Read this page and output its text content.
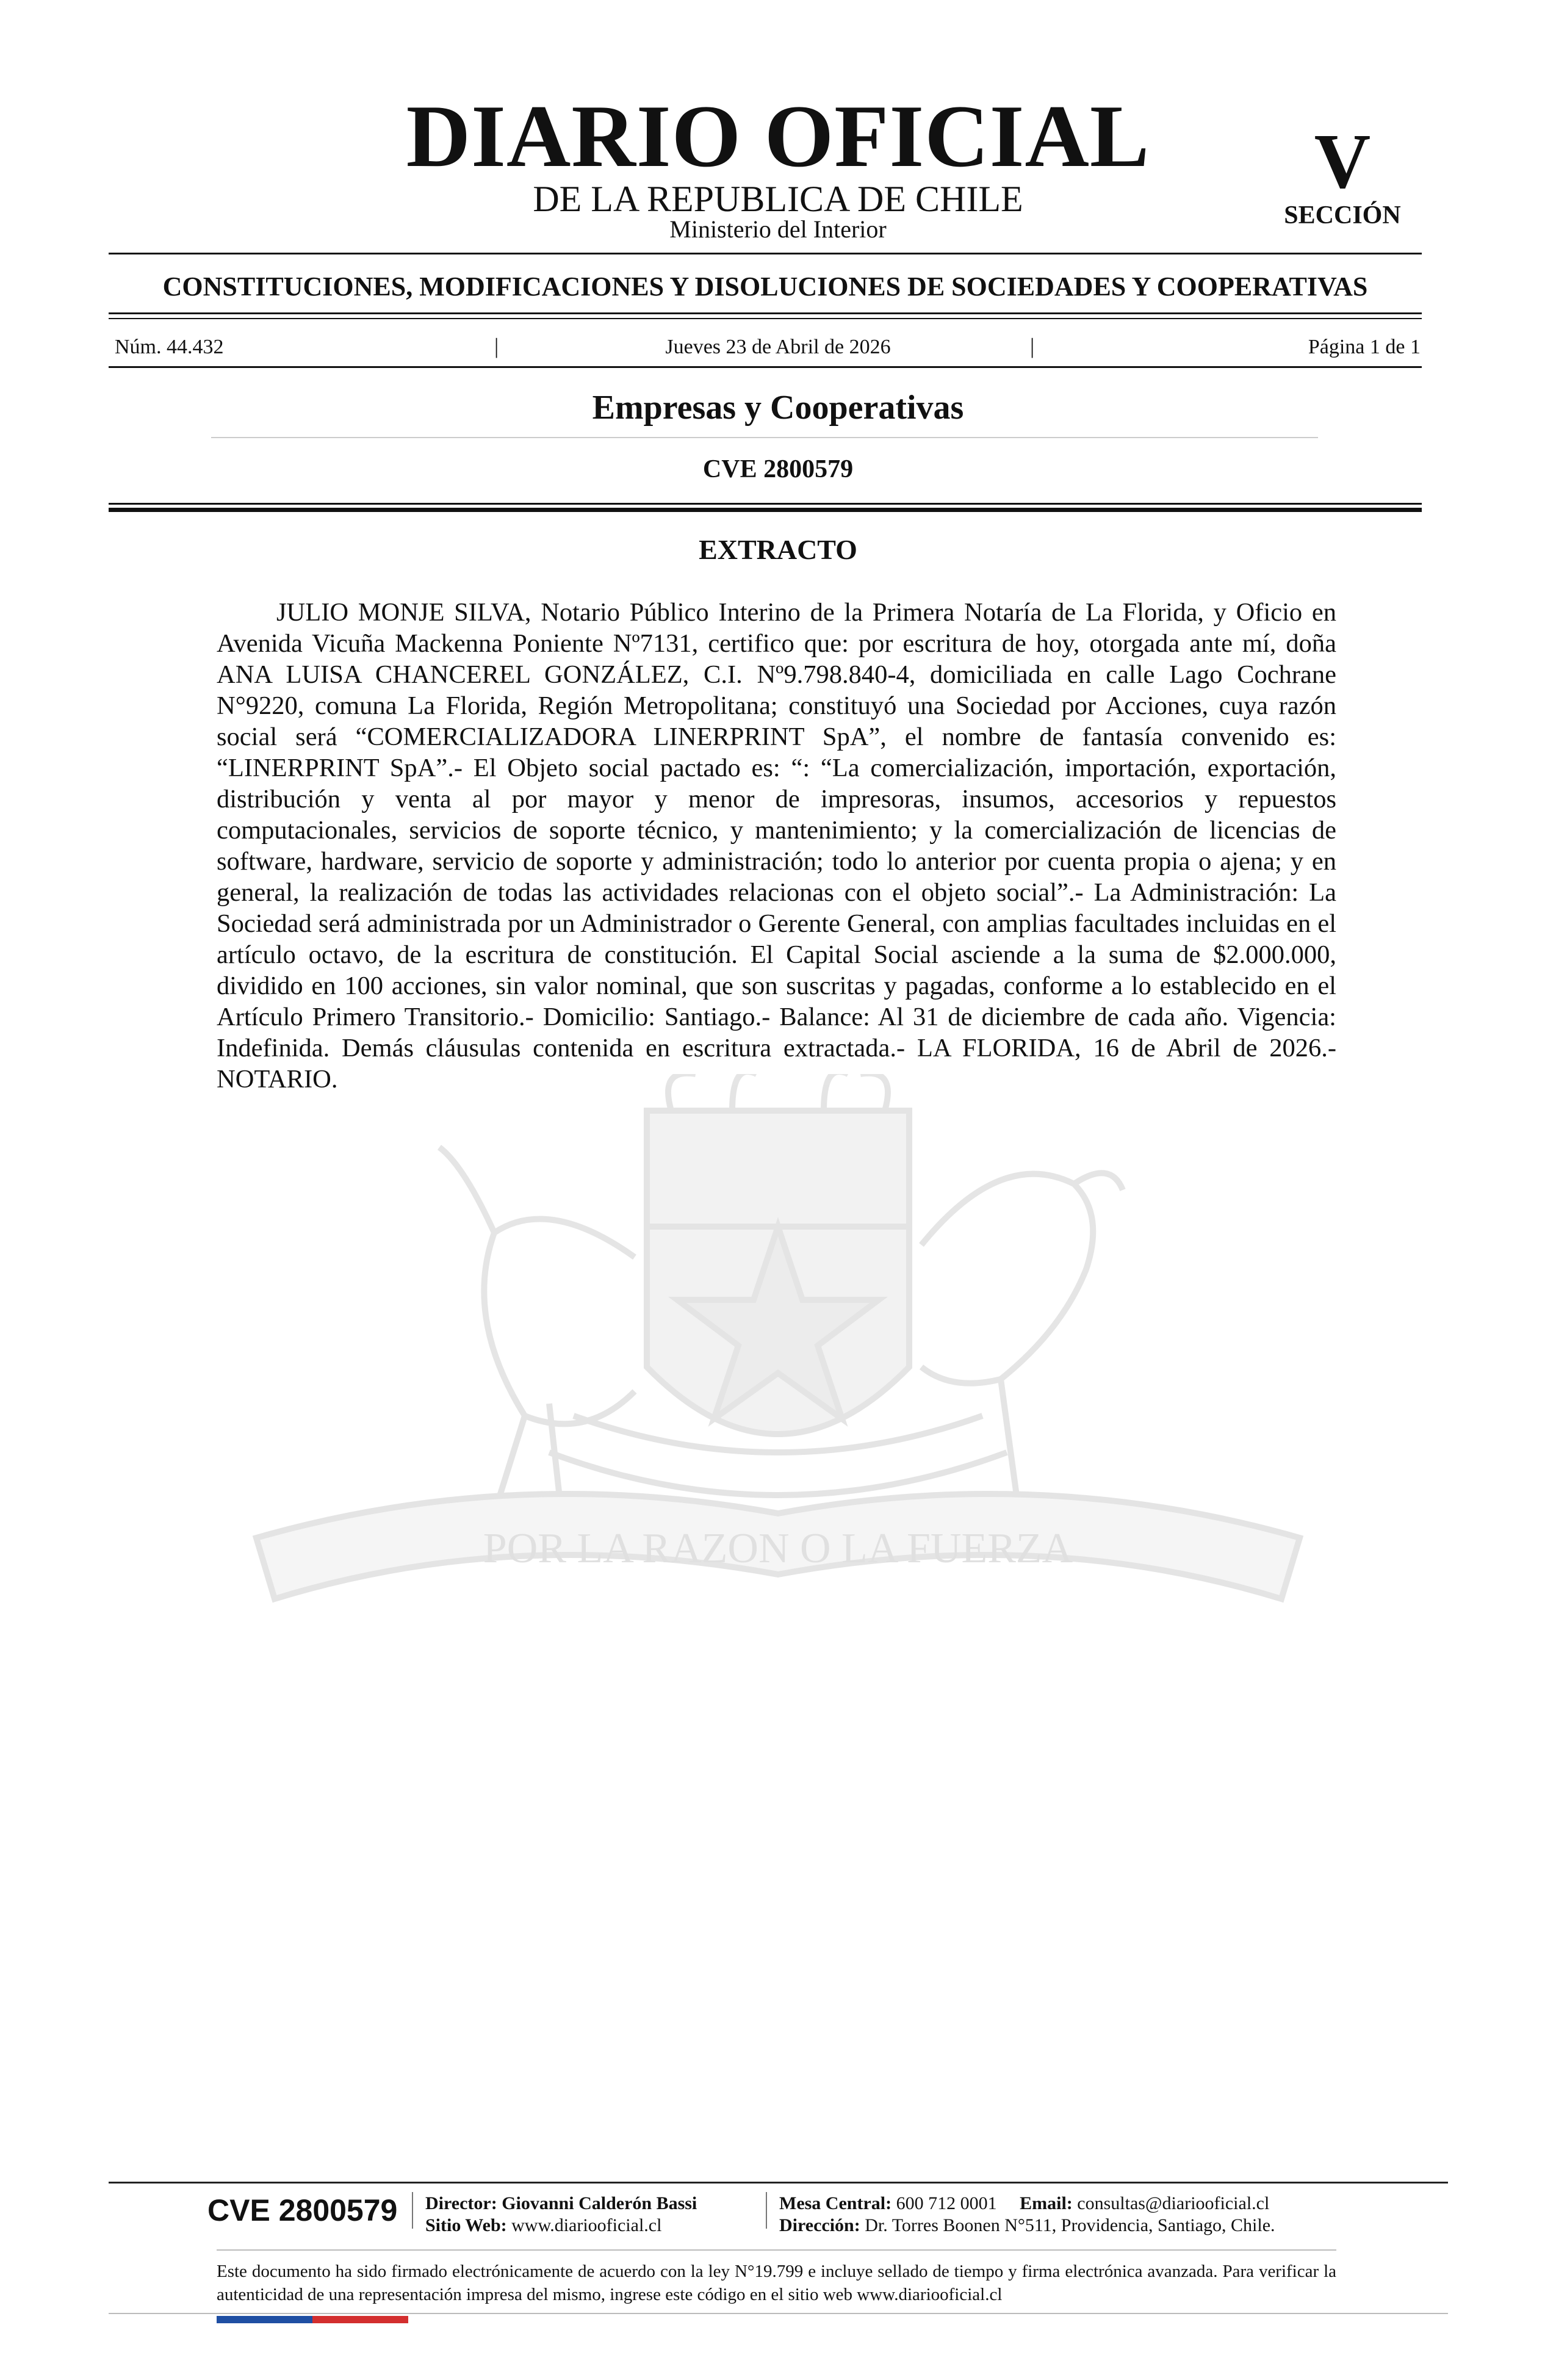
POR LA RAZON O LA FUERZA
DIARIO OFICIAL
DE LA REPUBLICA DE CHILE
Ministerio del Interior
V
SECCIÓN
CONSTITUCIONES, MODIFICACIONES Y DISOLUCIONES DE SOCIEDADES Y COOPERATIVAS
Núm. 44.432	|	Jueves 23 de Abril de 2026	|	Página 1 de 1
Empresas y Cooperativas
CVE 2800579
EXTRACTO

JULIO MONJE SILVA, Notario Público Interino de la Primera Notaría de La Florida, y Oficio en Avenida Vicuña Mackenna Poniente Nº7131, certifico que: por escritura de hoy, otorgada ante mí, doña ANA LUISA CHANCEREL GONZÁLEZ, C.I. Nº9.798.840-4, domiciliada en calle Lago Cochrane N°9220, comuna La Florida, Región Metropolitana; constituyó una Sociedad por Acciones, cuya razón social será “COMERCIALIZADORA LINERPRINT SpA”, el nombre de fantasía convenido es: “LINERPRINT SpA”.- El Objeto social pactado es: “: “La comercialización, importación, exportación, distribución y venta al por mayor y menor de impresoras, insumos, accesorios y repuestos computacionales, servicios de soporte técnico, y mantenimiento; y la comercialización de licencias de software, hardware, servicio de soporte y administración; todo lo anterior por cuenta propia o ajena; y en general, la realización de todas las actividades relacionas con el objeto social”.- La Administración: La Sociedad será administrada por un Administrador o Gerente General, con amplias facultades incluidas en el artículo octavo, de la escritura de constitución. El Capital Social asciende a la suma de $2.000.000, dividido en 100 acciones, sin valor nominal, que son suscritas y pagadas, conforme a lo establecido en el Artículo Primero Transitorio.- Domicilio: Santiago.- Balance: Al 31 de diciembre de cada año. Vigencia: Indefinida. Demás cláusulas contenida en escritura extractada.- LA FLORIDA, 16 de Abril de 2026.- NOTARIO.

CVE 2800579 Director: Giovanni Calderón Bassi
Sitio Web: www.diariooficial.cl
Mesa Central: 600 712 0001 Email: consultas@diariooficial.cl
Dirección: Dr. Torres Boonen N°511, Providencia, Santiago, Chile.

Este documento ha sido firmado electrónicamente de acuerdo con la ley N°19.799 e incluye sellado de tiempo y firma electrónica avanzada. Para verificar la autenticidad de una representación impresa del mismo, ingrese este código en el sitio web www.diariooficial.cl
